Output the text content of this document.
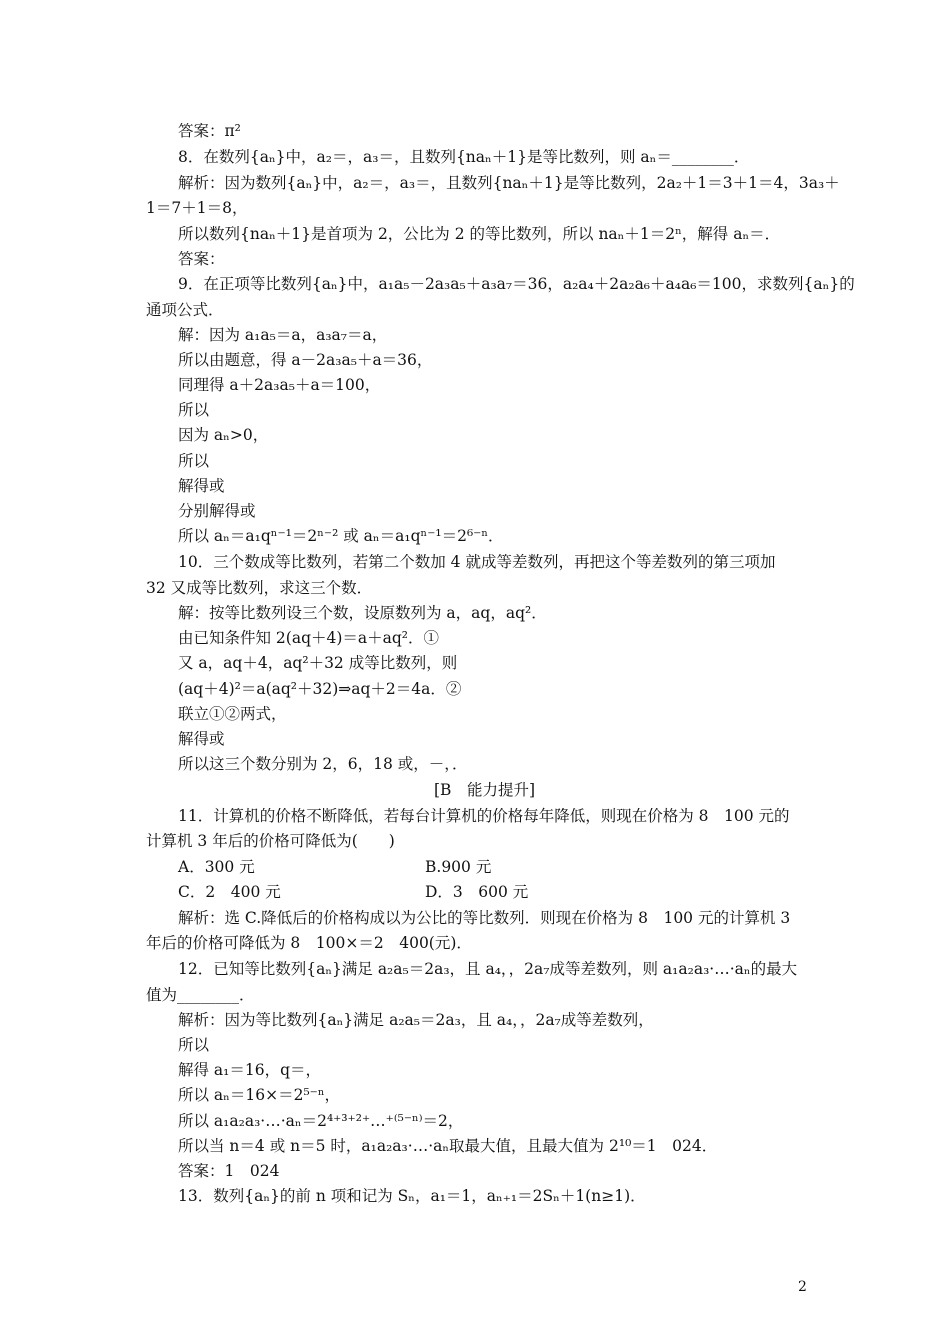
答案：π²
8．在数列{aₙ}中，a₂＝，a₃＝，且数列{naₙ＋1}是等比数列，则 aₙ＝________．
解析：因为数列{aₙ}中，a₂＝，a₃＝，且数列{naₙ＋1}是等比数列，2a₂＋1＝3＋1＝4，3a₃＋
1＝7＋1＝8，
所以数列{naₙ＋1}是首项为 2，公比为 2 的等比数列，所以 naₙ＋1＝2ⁿ，解得 aₙ＝．
答案：
9．在正项等比数列{aₙ}中，a₁a₅－2a₃a₅＋a₃a₇＝36，a₂a₄＋2a₂a₆＋a₄a₆＝100，求数列{aₙ}的
通项公式．
解：因为 a₁a₅＝a，a₃a₇＝a，
所以由题意，得 a－2a₃a₅＋a＝36，
同理得 a＋2a₃a₅＋a＝100，
所以
因为 aₙ>0，
所以
解得或
分别解得或
所以 aₙ＝a₁qⁿ⁻¹＝2ⁿ⁻² 或 aₙ＝a₁qⁿ⁻¹＝2⁶⁻ⁿ．
10．三个数成等比数列，若第二个数加 4 就成等差数列，再把这个等差数列的第三项加
32 又成等比数列，求这三个数．
解：按等比数列设三个数，设原数列为 a，aq，aq²．
由已知条件知 2(aq＋4)＝a＋aq²．①
又 a，aq＋4，aq²＋32 成等比数列，则
(aq＋4)²＝a(aq²＋32)⇒aq＋2＝4a．②
联立①②两式，
解得或
所以这三个数分别为 2，6，18 或，－，．
[B　能力提升]
11．计算机的价格不断降低，若每台计算机的价格每年降低，则现在价格为 8　100 元的
计算机 3 年后的价格可降低为(　　)
A．300 元	B.900 元
C．2　400 元	D．3　600 元
解析：选 C.降低后的价格构成以为公比的等比数列．则现在价格为 8　100 元的计算机 3
年后的价格可降低为 8　100×＝2　400(元)．
12．已知等比数列{aₙ}满足 a₂a₅＝2a₃，且 a₄，，2a₇成等差数列，则 a₁a₂a₃·…·aₙ的最大
值为________．
解析：因为等比数列{aₙ}满足 a₂a₅＝2a₃，且 a₄，，2a₇成等差数列，
所以
解得 a₁＝16，q＝，
所以 aₙ＝16×＝2⁵⁻ⁿ，
所以 a₁a₂a₃·…·aₙ＝2⁴⁺³⁺²⁺…⁺⁽⁵⁻ⁿ⁾＝2，
所以当 n＝4 或 n＝5 时，a₁a₂a₃·…·aₙ取最大值，且最大值为 2¹⁰＝1　024．
答案：1　024
13．数列{aₙ}的前 n 项和记为 Sₙ，a₁＝1，aₙ₊₁＝2Sₙ＋1(n≥1)．
2
